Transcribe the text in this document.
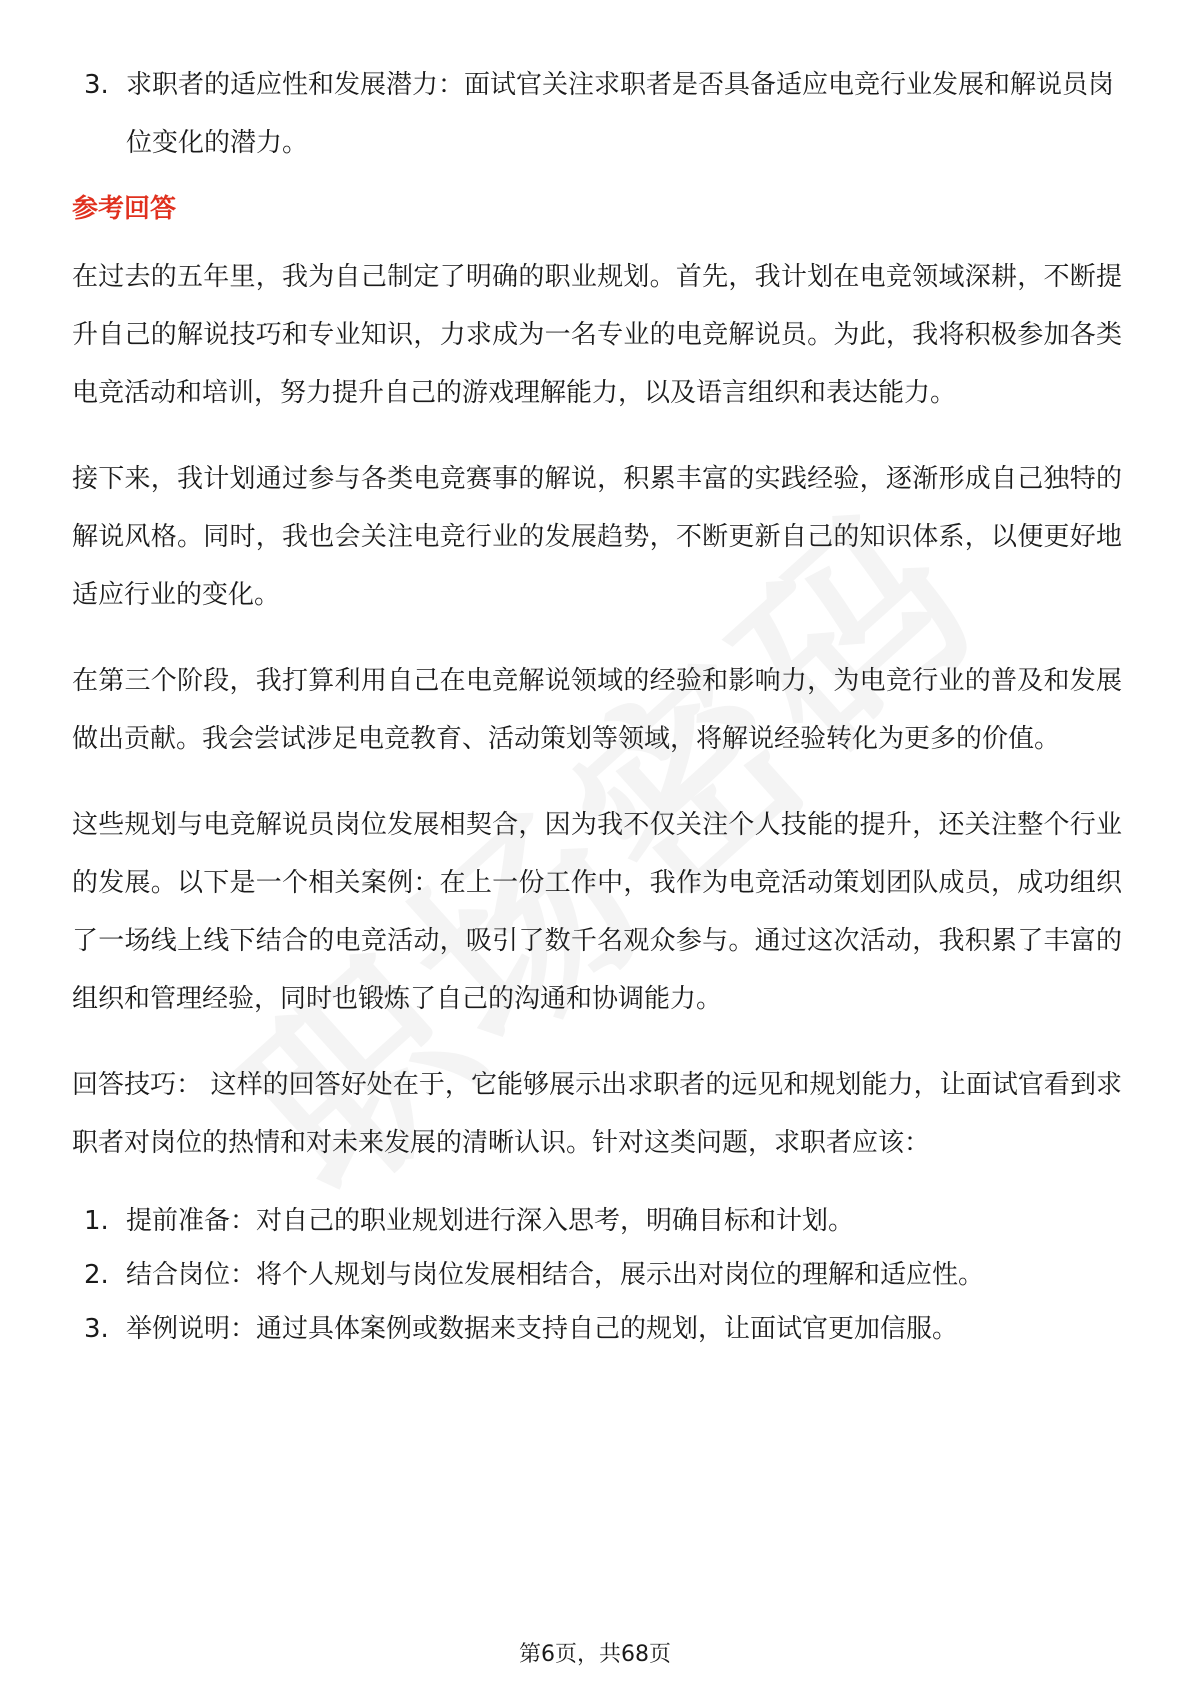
3. 求职者的适应性和发展潜力：面试官关注求职者是否具备适应电竞行业发展和解说员岗位变化的潜力。
参考回答

在过去的五年里，我为自己制定了明确的职业规划。首先，我计划在电竞领域深耕，不断提升自己的解说技巧和专业知识，力求成为一名专业的电竞解说员。为此，我将积极参加各类电竞活动和培训，努力提升自己的游戏理解能力，以及语言组织和表达能力。

接下来，我计划通过参与各类电竞赛事的解说，积累丰富的实践经验，逐渐形成自己独特的解说风格。同时，我也会关注电竞行业的发展趋势，不断更新自己的知识体系，以便更好地适应行业的变化。

在第三个阶段，我打算利用自己在电竞解说领域的经验和影响力，为电竞行业的普及和发展做出贡献。我会尝试涉足电竞教育、活动策划等领域，将解说经验转化为更多的价值。

这些规划与电竞解说员岗位发展相契合，因为我不仅关注个人技能的提升，还关注整个行业的发展。以下是一个相关案例：在上一份工作中，我作为电竞活动策划团队成员，成功组织了一场线上线下结合的电竞活动，吸引了数千名观众参与。通过这次活动，我积累了丰富的组织和管理经验，同时也锻炼了自己的沟通和协调能力。

回答技巧： 这样的回答好处在于，它能够展示出求职者的远见和规划能力，让面试官看到求职者对岗位的热情和对未来发展的清晰认识。针对这类问题，求职者应该：

1. 提前准备：对自己的职业规划进行深入思考，明确目标和计划。
2. 结合岗位：将个人规划与岗位发展相结合，展示出对岗位的理解和适应性。
3. 举例说明：通过具体案例或数据来支持自己的规划，让面试官更加信服。
第6页，共68页
